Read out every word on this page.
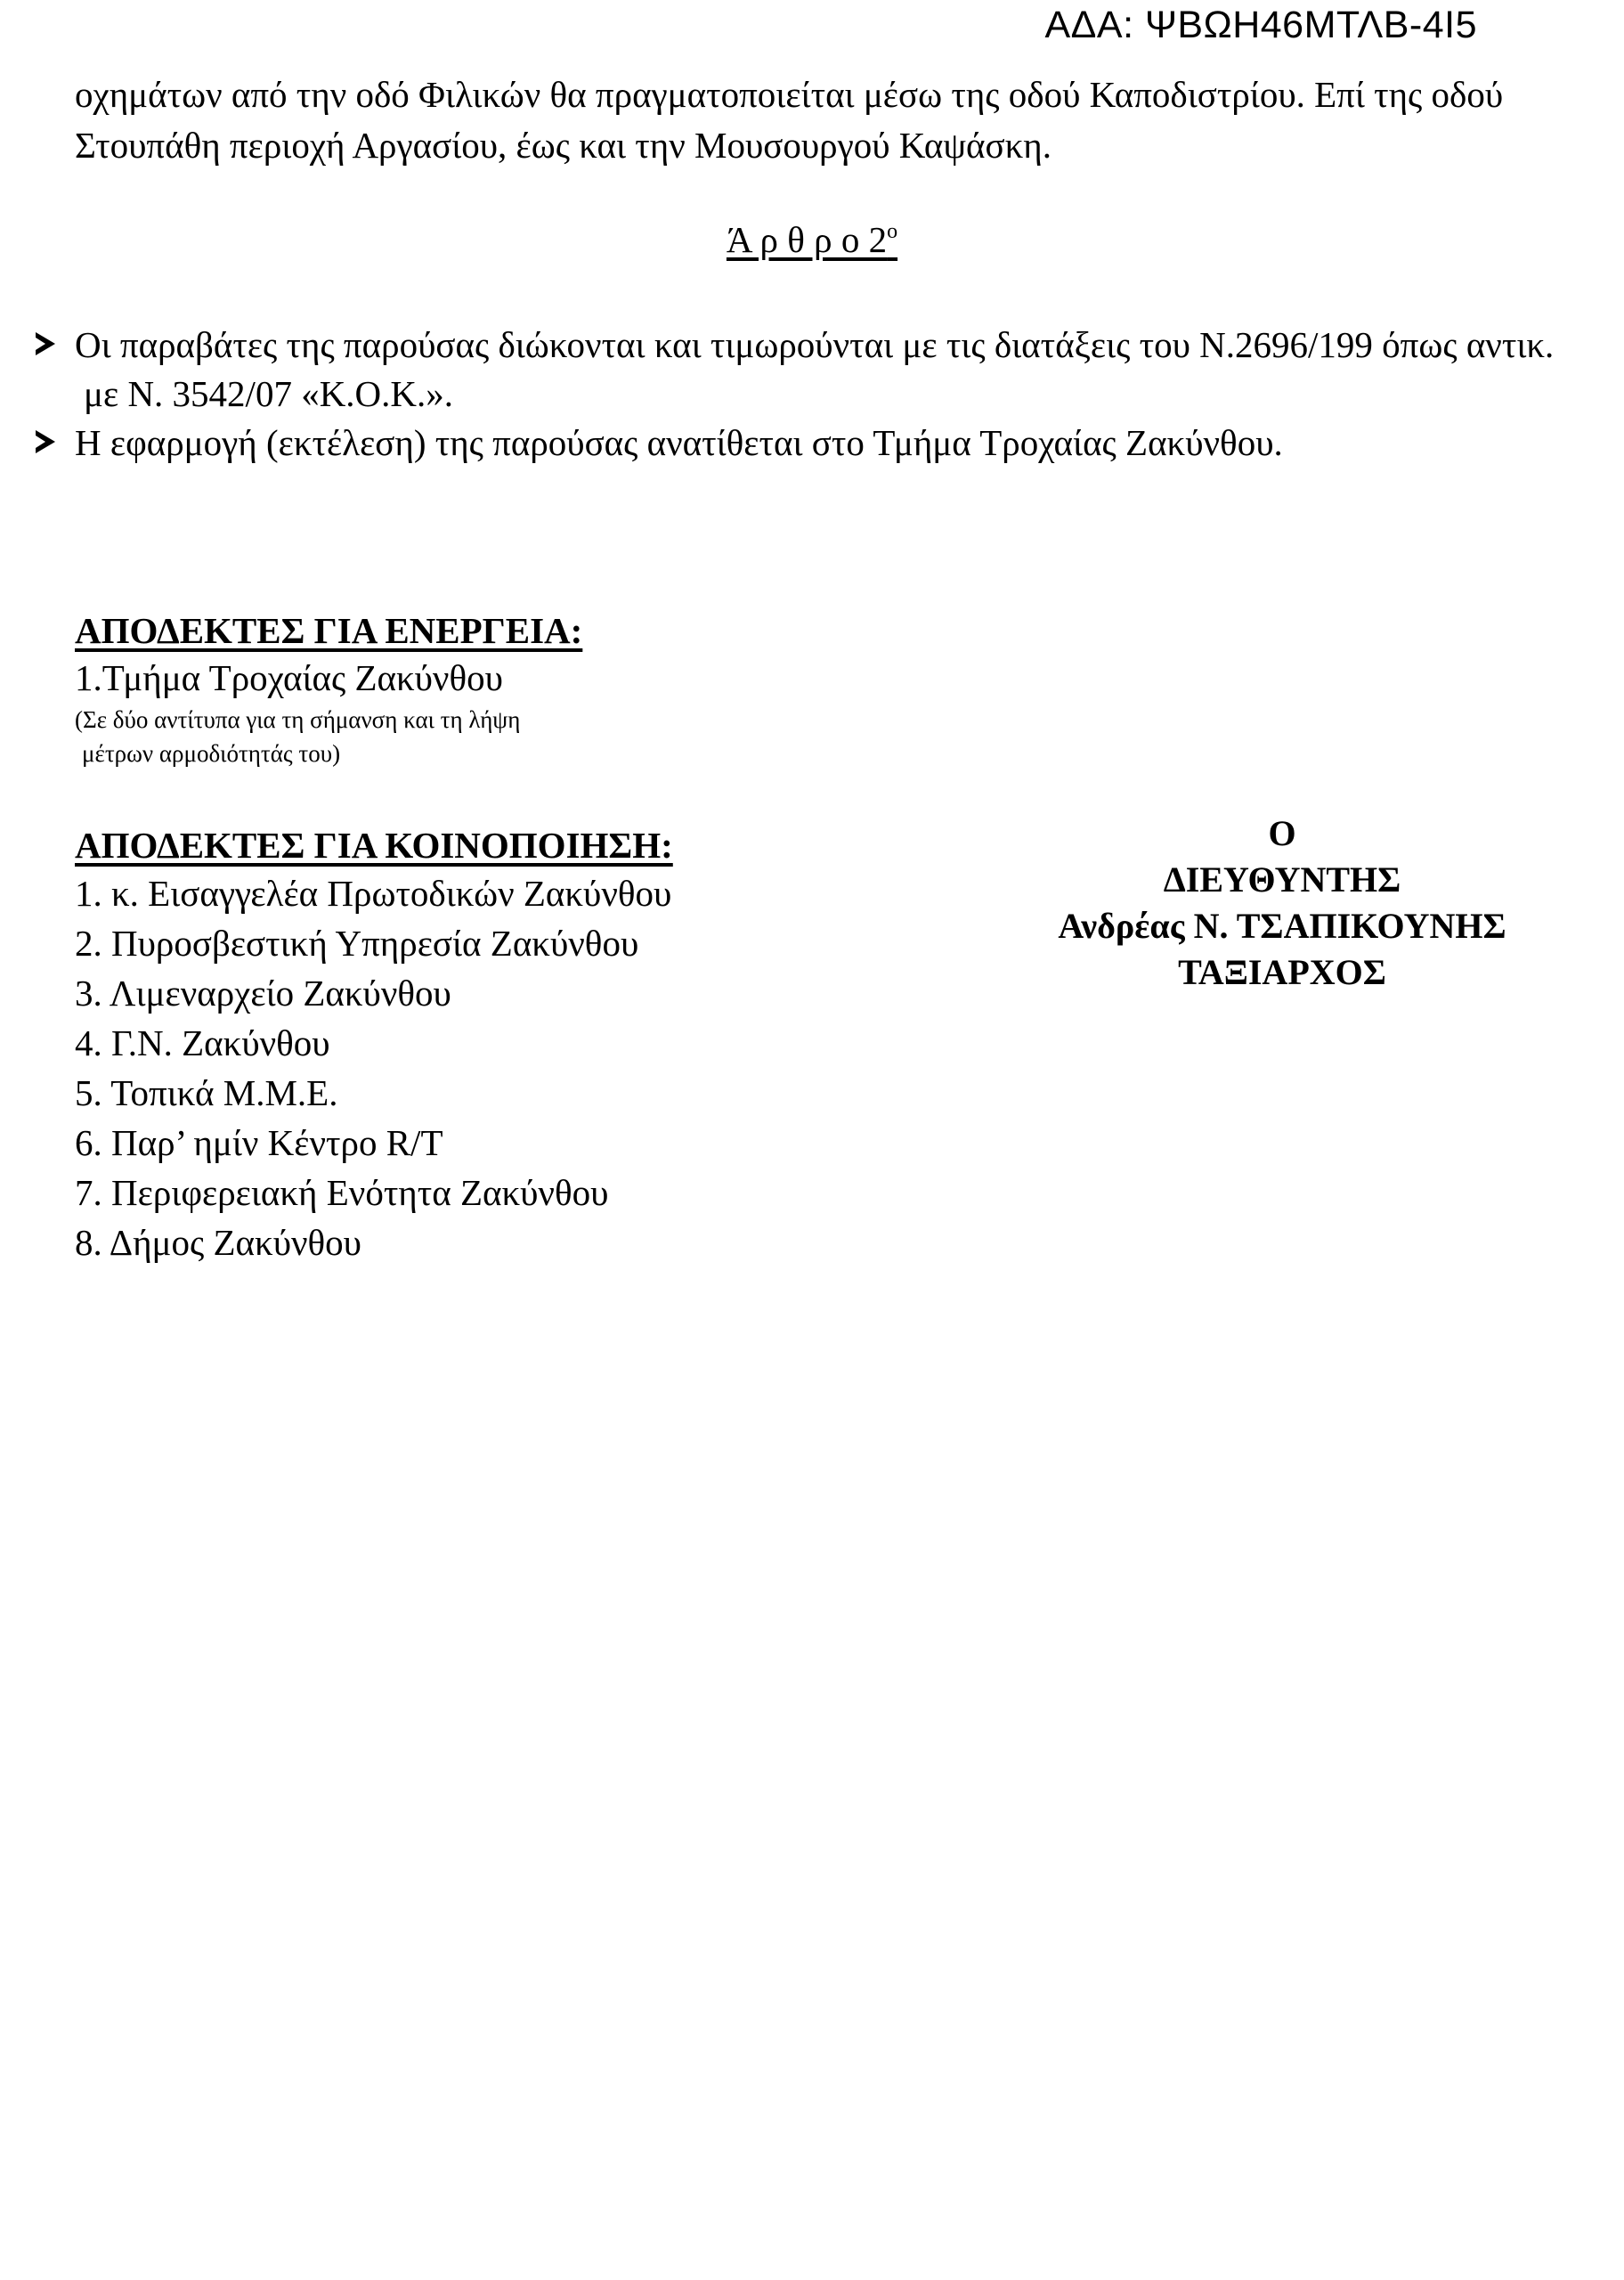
ΑΔΑ: ΨΒΩΗ46ΜΤΛΒ-4Ι5
οχημάτων από την οδό Φιλικών θα πραγματοποιείται μέσω της οδού Καποδιστρίου. Επί της οδού
Στουπάθη περιοχή Αργασίου, έως και την Μουσουργού Καψάσκη.
Ά ρ θ ρ ο $2^o$
Οι παραβάτες της παρούσας διώκονται και τιμωρούνται με τις διατάξεις του Ν.2696/199 όπως αντικ.
με Ν. 3542/07 «Κ.Ο.Κ.».
Η εφαρμογή (εκτέλεση) της παρούσας ανατίθεται στο Τμήμα Τροχαίας Ζακύνθου.
ΑΠΟΔΕΚΤΕΣ ΓΙΑ ΕΝΕΡΓΕΙΑ:
1.Τμήμα Τροχαίας Ζακύνθου
(Σε δύο αντίτυπα για τη σήμανση και τη λήψη
μέτρων αρμοδιότητάς του)
ΑΠΟΔΕΚΤΕΣ ΓΙΑ ΚΟΙΝΟΠΟΙΗΣΗ:
1. κ. Εισαγγελέα Πρωτοδικών Ζακύνθου
2. Πυροσβεστική Υπηρεσία Ζακύνθου
3. Λιμεναρχείο Ζακύνθου
4. Γ.Ν. Ζακύνθου
5. Τοπικά Μ.Μ.Ε.
6. Παρ’ ημίν Κέντρο R/T
7. Περιφερειακή Ενότητα Ζακύνθου
8. Δήμος Ζακύνθου
Ο
ΔΙΕΥΘΥΝΤΗΣ
Ανδρέας Ν. ΤΣΑΠΙΚΟΥΝΗΣ
ΤΑΞΙΑΡΧΟΣ
